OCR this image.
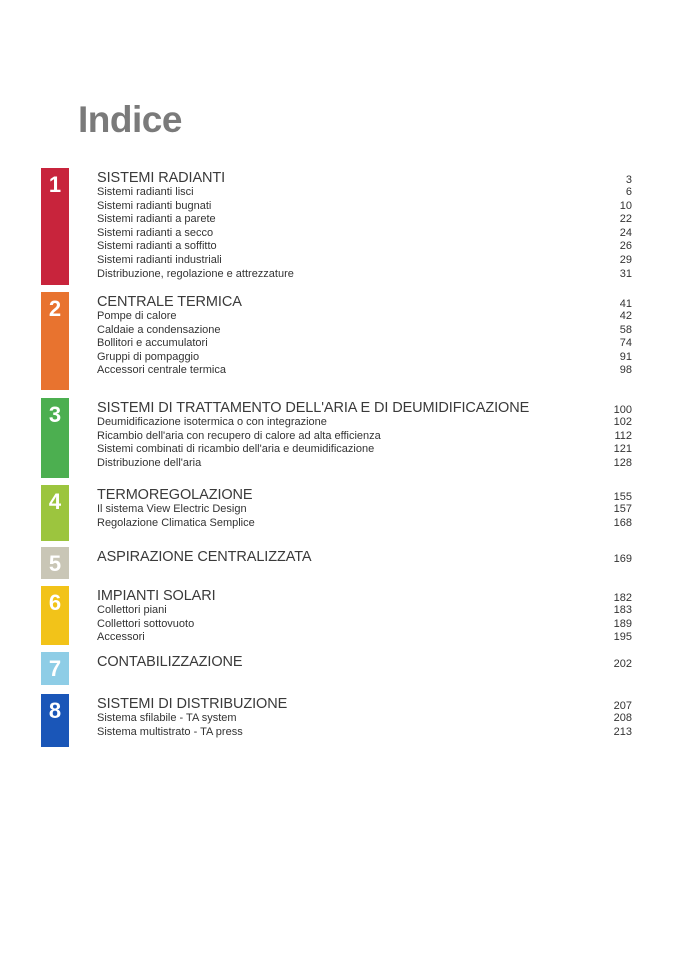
Indice
1	SISTEMI RADIANTI	3
Sistemi radianti lisci	6
Sistemi radianti bugnati	10
Sistemi radianti a parete	22
Sistemi radianti a secco	24
Sistemi radianti a soffitto	26
Sistemi radianti industriali	29
Distribuzione, regolazione e attrezzature	31
2	CENTRALE TERMICA	41
Pompe di calore	42
Caldaie a condensazione	58
Bollitori e accumulatori	74
Gruppi di pompaggio	91
Accessori centrale termica	98
3	SISTEMI DI TRATTAMENTO DELL'ARIA E DI DEUMIDIFICAZIONE	100
Deumidificazione isotermica o con integrazione	102
Ricambio dell'aria con recupero di calore ad alta efficienza	112
Sistemi combinati di ricambio dell'aria e deumidificazione	121
Distribuzione dell'aria	128
4	TERMOREGOLAZIONE	155
Il sistema View Electric Design	157
Regolazione Climatica Semplice	168
5	ASPIRAZIONE CENTRALIZZATA	169
6	IMPIANTI SOLARI	182
Collettori piani	183
Collettori sottovuoto	189
Accessori	195
7	CONTABILIZZAZIONE	202
8	SISTEMI DI DISTRIBUZIONE	207
Sistema sfilabile - TA system	208
Sistema multistrato - TA press	213
